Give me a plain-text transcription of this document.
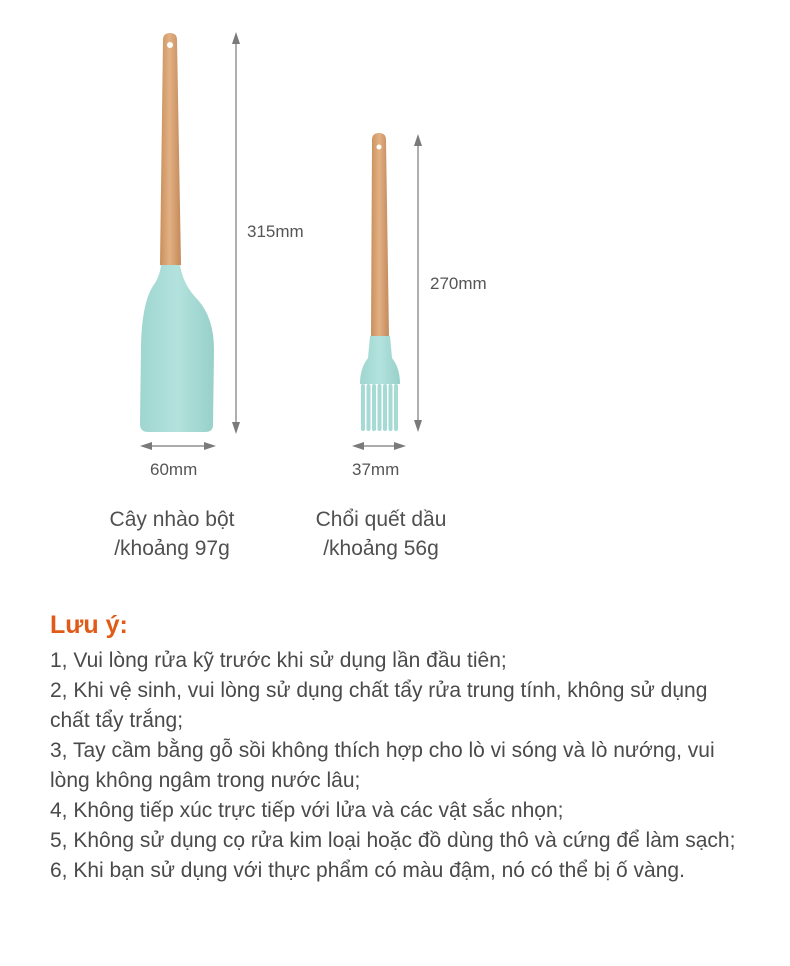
315mm
60mm
270mm
37mm
Cây nhào bột
/khoảng 97g
Chổi quết dầu
/khoảng 56g
Lưu ý:
1, Vui lòng rửa kỹ trước khi sử dụng lần đầu tiên;
2, Khi vệ sinh, vui lòng sử dụng chất tẩy rửa trung tính, không sử dụng chất tẩy trắng;
3, Tay cầm bằng gỗ sồi không thích hợp cho lò vi sóng và lò nướng, vui lòng không ngâm trong nước lâu;
4, Không tiếp xúc trực tiếp với lửa và các vật sắc nhọn;
5, Không sử dụng cọ rửa kim loại hoặc đồ dùng thô và cứng để làm sạch;
6, Khi bạn sử dụng với thực phẩm có màu đậm, nó có thể bị ố vàng.
